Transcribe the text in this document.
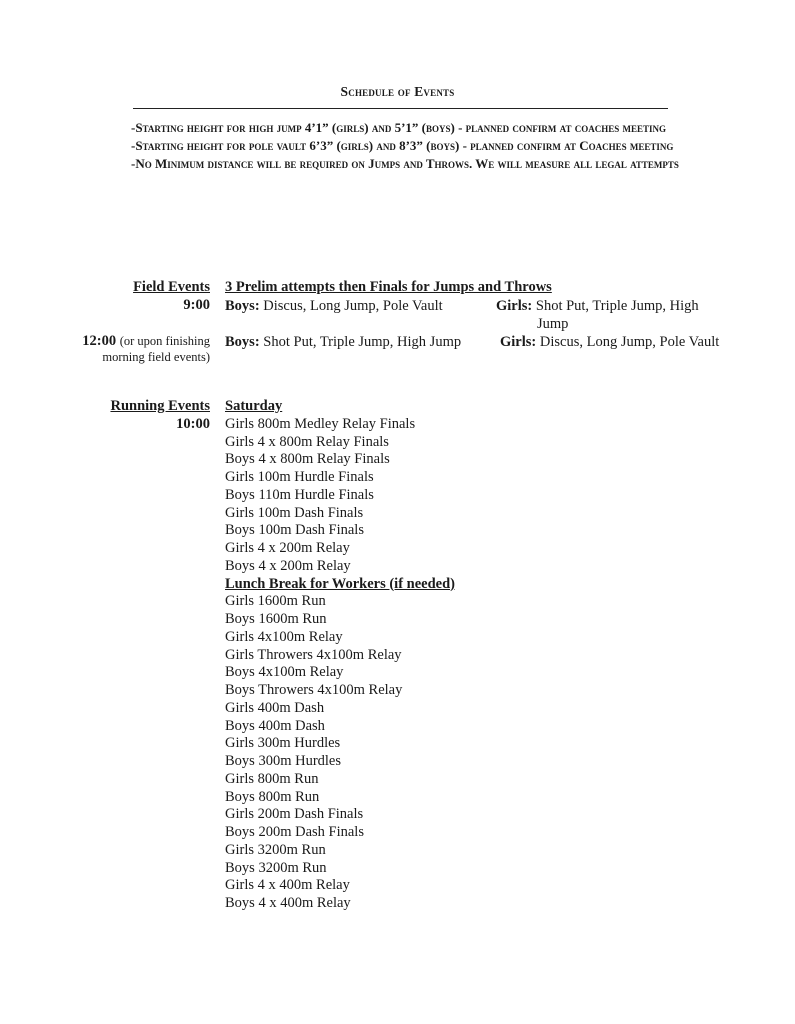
Schedule of Events

-Starting height for high jump 4’1” (girls) and 5’1” (boys) - planned confirm at coaches meeting

-Starting height for pole vault 6’3” (girls) and 8’3” (boys) - planned confirm at Coaches meeting

-No Minimum distance will be required on Jumps and Throws. We will measure all legal attempts

Field Events 3 Prelim attempts then Finals for Jumps and Throws
9:00 Boys: Discus, Long Jump, Pole Vault	Girls: Shot Put, Triple Jump, High Jump
12:00 (or upon finishing morning field events)
Boys: Shot Put, Triple Jump, High Jump	Girls: Discus, Long Jump, Pole Vault
Running Events
10:00
Saturday
Girls 800m Medley Relay Finals
Girls 4 x 800m Relay Finals
Boys 4 x 800m Relay Finals
Girls 100m Hurdle Finals
Boys 110m Hurdle Finals
Girls 100m Dash Finals
Boys 100m Dash Finals
Girls 4 x 200m Relay
Boys 4 x 200m Relay
Lunch Break for Workers (if needed)
Girls 1600m Run
Boys 1600m Run
Girls 4x100m Relay
Girls Throwers 4x100m Relay
Boys 4x100m Relay
Boys Throwers 4x100m Relay
Girls 400m Dash
Boys 400m Dash
Girls 300m Hurdles
Boys 300m Hurdles
Girls 800m Run
Boys 800m Run
Girls 200m Dash Finals
Boys 200m Dash Finals
Girls 3200m Run
Boys 3200m Run
Girls 4 x 400m Relay
Boys 4 x 400m Relay
